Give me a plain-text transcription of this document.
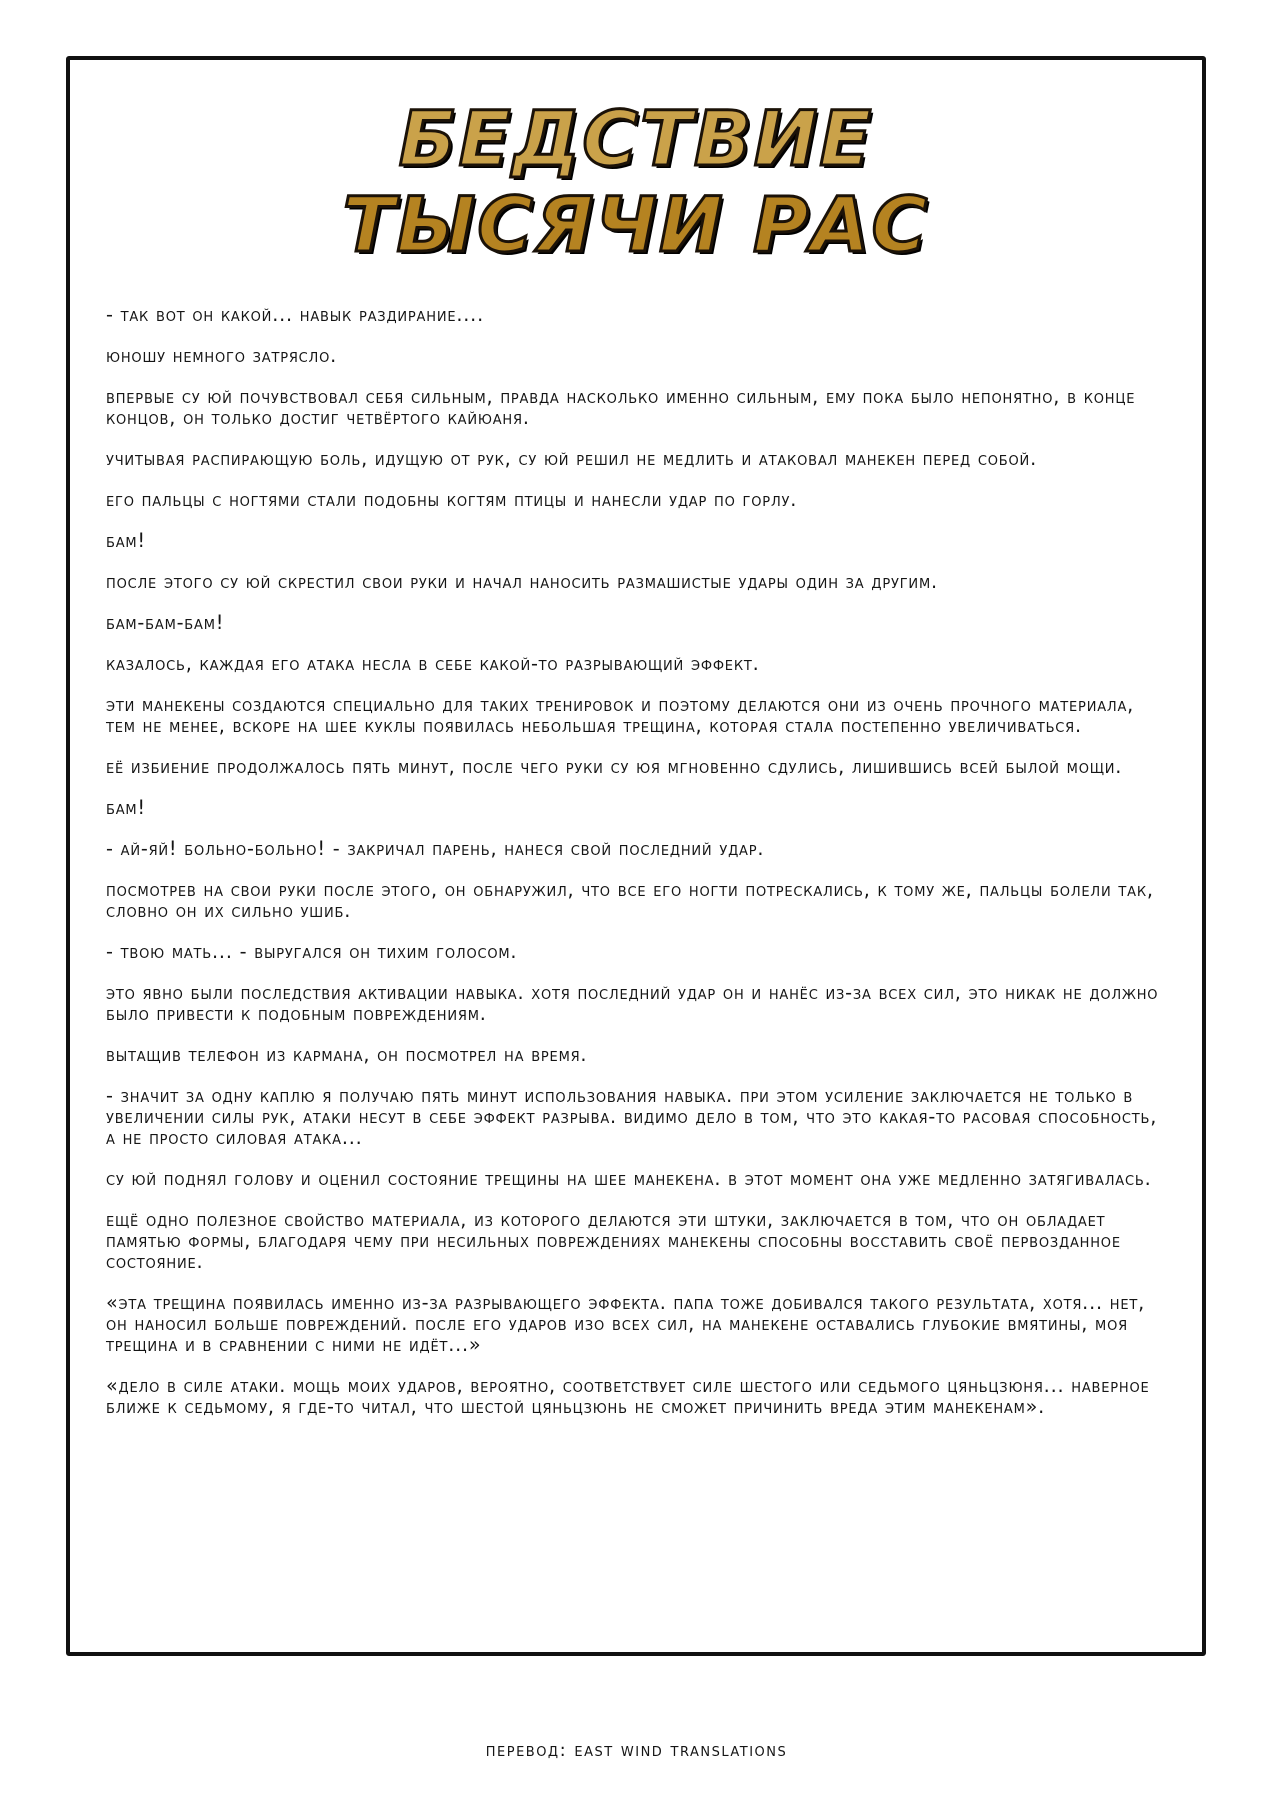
БЕДСТВИЕ
ТЫСЯЧИ РАС

- так вот он какой... навык раздирание....

юношу немного затрясло.

впервые су юй почувствовал себя сильным, правда насколько именно сильным, ему пока было непонятно, в конце концов, он только достиг четвёртого кайюаня.

учитывая распирающую боль, идущую от рук, су юй решил не медлить и атаковал манекен перед собой.

его пальцы с ногтями стали подобны когтям птицы и нанесли удар по горлу.

бам!

после этого су юй скрестил свои руки и начал наносить размашистые удары один за другим.

бам-бам-бам!

казалось, каждая его атака несла в себе какой-то разрывающий эффект.

эти манекены создаются специально для таких тренировок и поэтому делаются они из очень прочного материала, тем не менее, вскоре на шее куклы появилась небольшая трещина, которая стала постепенно увеличиваться.

её избиение продолжалось пять минут, после чего руки су юя мгновенно сдулись, лишившись всей былой мощи.

бам!

- ай-яй! больно-больно! - закричал парень, нанеся свой последний удар.

посмотрев на свои руки после этого, он обнаружил, что все его ногти потрескались, к тому же, пальцы болели так, словно он их сильно ушиб.

- твою мать... - выругался он тихим голосом.

это явно были последствия активации навыка. хотя последний удар он и нанёс из-за всех сил, это никак не должно было привести к подобным повреждениям.

вытащив телефон из кармана, он посмотрел на время.

- значит за одну каплю я получаю пять минут использования навыка. при этом усиление заключается не только в увеличении силы рук, атаки несут в себе эффект разрыва. видимо дело в том, что это какая-то расовая способность, а не просто силовая атака...

су юй поднял голову и оценил состояние трещины на шее манекена. в этот момент она уже медленно затягивалась.

ещё одно полезное свойство материала, из которого делаются эти штуки, заключается в том, что он обладает памятью формы, благодаря чему при несильных повреждениях манекены способны восставить своё первозданное состояние.

«эта трещина появилась именно из-за разрывающего эффекта. папа тоже добивался такого результата, хотя... нет, он наносил больше повреждений. после его ударов изо всех сил, на манекене оставались глубокие вмятины, моя трещина и в сравнении с ними не идёт...»

«дело в силе атаки. мощь моих ударов, вероятно, соответствует силе шестого или седьмого цяньцзюня... наверное ближе к седьмому, я где-то читал, что шестой цяньцзюнь не сможет причинить вреда этим манекенам».

перевод: east wind translations
